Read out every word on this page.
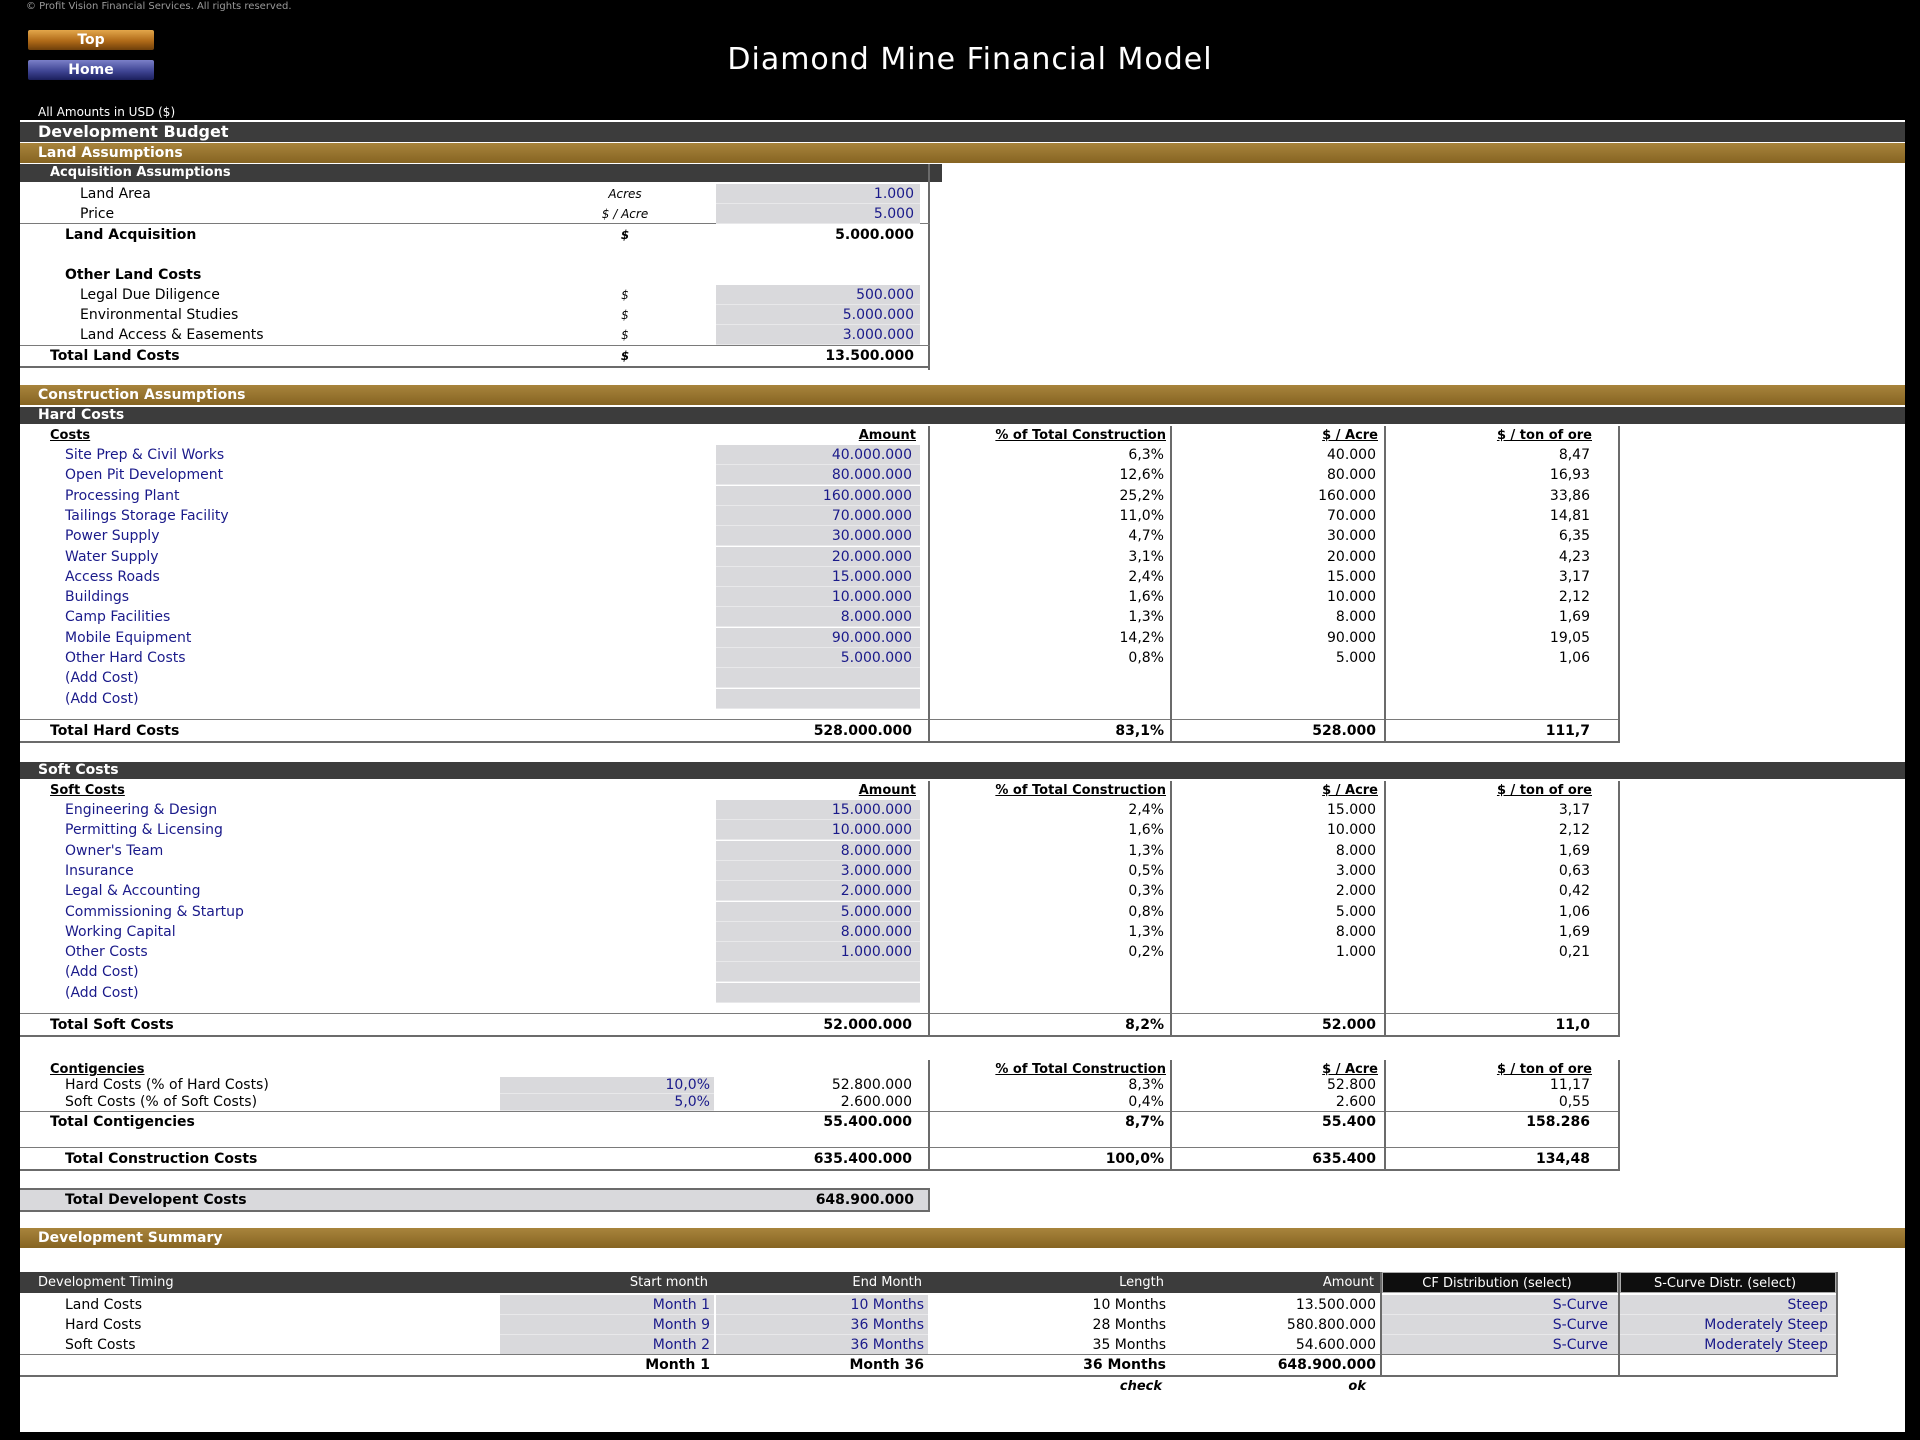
© Profit Vision Financial Services. All rights reserved.
Top
Home	Diamond Mine Financial Model
All Amounts in USD ($)
Development Budget
Land Assumptions
Acquisition Assumptions
Land Area	Acres	1.000
Price	$ / Acre	5.000
Land Acquisition	$	5.000.000
Other Land Costs
Legal Due Diligence	$	500.000
Environmental Studies	$	5.000.000
Land Access & Easements	$	3.000.000
Total Land Costs	$	13.500.000
Construction Assumptions
Hard Costs
Costs	Amount	% of Total Construction	$ / Acre	$ / ton of ore
Site Prep & Civil Works	40.000.000	6,3%	40.000	8,47
Open Pit Development	80.000.000	12,6%	80.000	16,93
Processing Plant	160.000.000	25,2%	160.000	33,86
Tailings Storage Facility	70.000.000	11,0%	70.000	14,81
Power Supply	30.000.000	4,7%	30.000	6,35
Water Supply	20.000.000	3,1%	20.000	4,23
Access Roads	15.000.000	2,4%	15.000	3,17
Buildings	10.000.000	1,6%	10.000	2,12
Camp Facilities	8.000.000	1,3%	8.000	1,69
Mobile Equipment	90.000.000	14,2%	90.000	19,05
Other Hard Costs	5.000.000	0,8%	5.000	1,06
(Add Cost)
(Add Cost)
Total Hard Costs	528.000.000	83,1%	528.000	111,7
Soft Costs
Soft Costs	Amount	% of Total Construction	$ / Acre	$ / ton of ore
Engineering & Design	15.000.000	2,4%	15.000	3,17
Permitting & Licensing	10.000.000	1,6%	10.000	2,12
Owner's Team	8.000.000	1,3%	8.000	1,69
Insurance	3.000.000	0,5%	3.000	0,63
Legal & Accounting	2.000.000	0,3%	2.000	0,42
Commissioning & Startup	5.000.000	0,8%	5.000	1,06
Working Capital	8.000.000	1,3%	8.000	1,69
Other Costs	1.000.000	0,2%	1.000	0,21
(Add Cost)
(Add Cost)
Total Soft Costs	52.000.000	8,2%	52.000	11,0
Contigencies	% of Total Construction	$ / Acre	$ / ton of ore
Hard Costs (% of Hard Costs)	10,0%	52.800.000	8,3%	52.800	11,17
Soft Costs (% of Soft Costs)	5,0%	2.600.000	0,4%	2.600	0,55
Total Contigencies	55.400.000	8,7%	55.400	158.286
Total Construction Costs	635.400.000	100,0%	635.400	134,48
Total Developent Costs	648.900.000
Development Summary
Development Timing	Start month	End Month	Length	Amount	CF Distribution (select)	S-Curve Distr. (select)
Land Costs	Month 1	10 Months	10 Months	13.500.000	S-Curve	Steep
Hard Costs	Month 9	36 Months	28 Months	580.800.000	S-Curve	Moderately Steep
Soft Costs	Month 2	36 Months	35 Months	54.600.000	S-Curve	Moderately Steep
Month 1	Month 36	36 Months	648.900.000
check	ok
